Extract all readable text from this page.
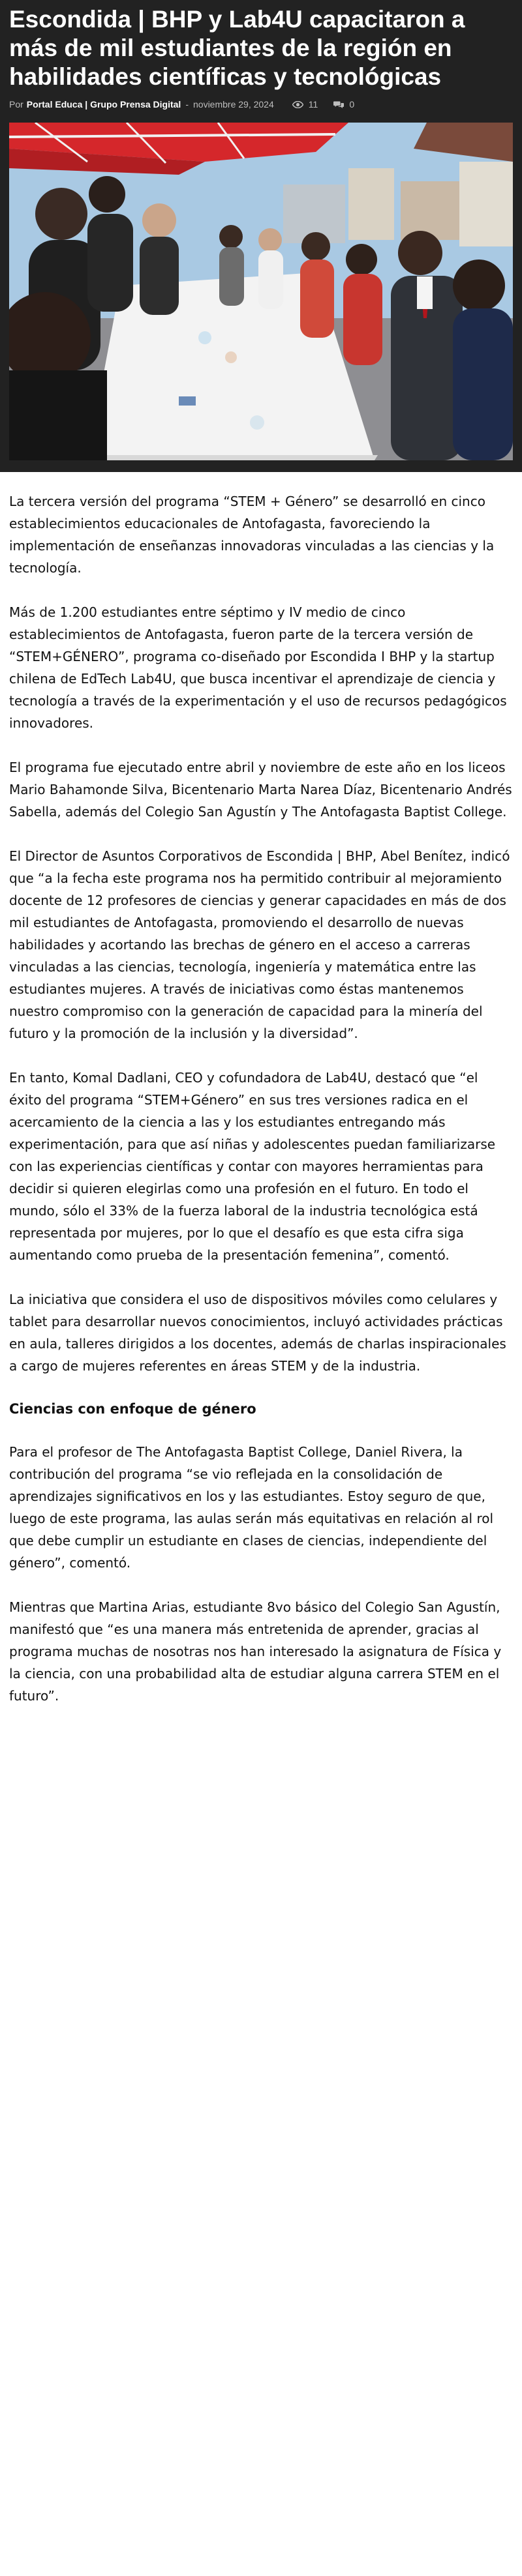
Escondida | BHP y Lab4U capacitaron a más de mil estudiantes de la región en habilidades científicas y tecnológicas
Por Portal Educa | Grupo Prensa Digital - noviembre 29, 2024	11	0

La tercera versión del programa “STEM + Género” se desarrolló en cinco establecimientos educacionales de Antofagasta, favoreciendo la implementación de enseñanzas innovadoras vinculadas a las ciencias y la tecnología.

Más de 1.200 estudiantes entre séptimo y IV medio de cinco establecimientos de Antofagasta, fueron parte de la tercera versión de “STEM+GÉNERO”, programa co-diseñado por Escondida I BHP y la startup chilena de EdTech Lab4U, que busca incentivar el aprendizaje de ciencia y tecnología a través de la experimentación y el uso de recursos pedagógicos innovadores.

El programa fue ejecutado entre abril y noviembre de este año en los liceos Mario Bahamonde Silva, Bicentenario Marta Narea Díaz, Bicentenario Andrés Sabella, además del Colegio San Agustín y The Antofagasta Baptist College.

El Director de Asuntos Corporativos de Escondida | BHP, Abel Benítez, indicó que “a la fecha este programa nos ha permitido contribuir al mejoramiento docente de 12 profesores de ciencias y generar capacidades en más de dos mil estudiantes de Antofagasta, promoviendo el desarrollo de nuevas habilidades y acortando las brechas de género en el acceso a carreras vinculadas a las ciencias, tecnología, ingeniería y matemática entre las estudiantes mujeres. A través de iniciativas como éstas mantenemos nuestro compromiso con la generación de capacidad para la minería del futuro y la promoción de la inclusión y la diversidad”.

En tanto, Komal Dadlani, CEO y cofundadora de Lab4U, destacó que “el éxito del programa “STEM+Género” en sus tres versiones radica en el acercamiento de la ciencia a las y los estudiantes entregando más experimentación, para que así niñas y adolescentes puedan familiarizarse con las experiencias científicas y contar con mayores herramientas para decidir si quieren elegirlas como una profesión en el futuro. En todo el mundo, sólo el 33% de la fuerza laboral de la industria tecnológica está representada por mujeres, por lo que el desafío es que esta cifra siga aumentando como prueba de la presentación femenina”, comentó.

La iniciativa que considera el uso de dispositivos móviles como celulares y tablet para desarrollar nuevos conocimientos, incluyó actividades prácticas en aula, talleres dirigidos a los docentes, además de charlas inspiracionales a cargo de mujeres referentes en áreas STEM y de la industria.

Ciencias con enfoque de género

Para el profesor de The Antofagasta Baptist College, Daniel Rivera, la contribución del programa “se vio reflejada en la consolidación de aprendizajes significativos en los y las estudiantes. Estoy seguro de que, luego de este programa, las aulas serán más equitativas en relación al rol que debe cumplir un estudiante en clases de ciencias, independiente del género”, comentó.

Mientras que Martina Arias, estudiante 8vo básico del Colegio San Agustín, manifestó que “es una manera más entretenida de aprender, gracias al programa muchas de nosotras nos han interesado la asignatura de Física y la ciencia, con una probabilidad alta de estudiar alguna carrera STEM en el futuro”.
